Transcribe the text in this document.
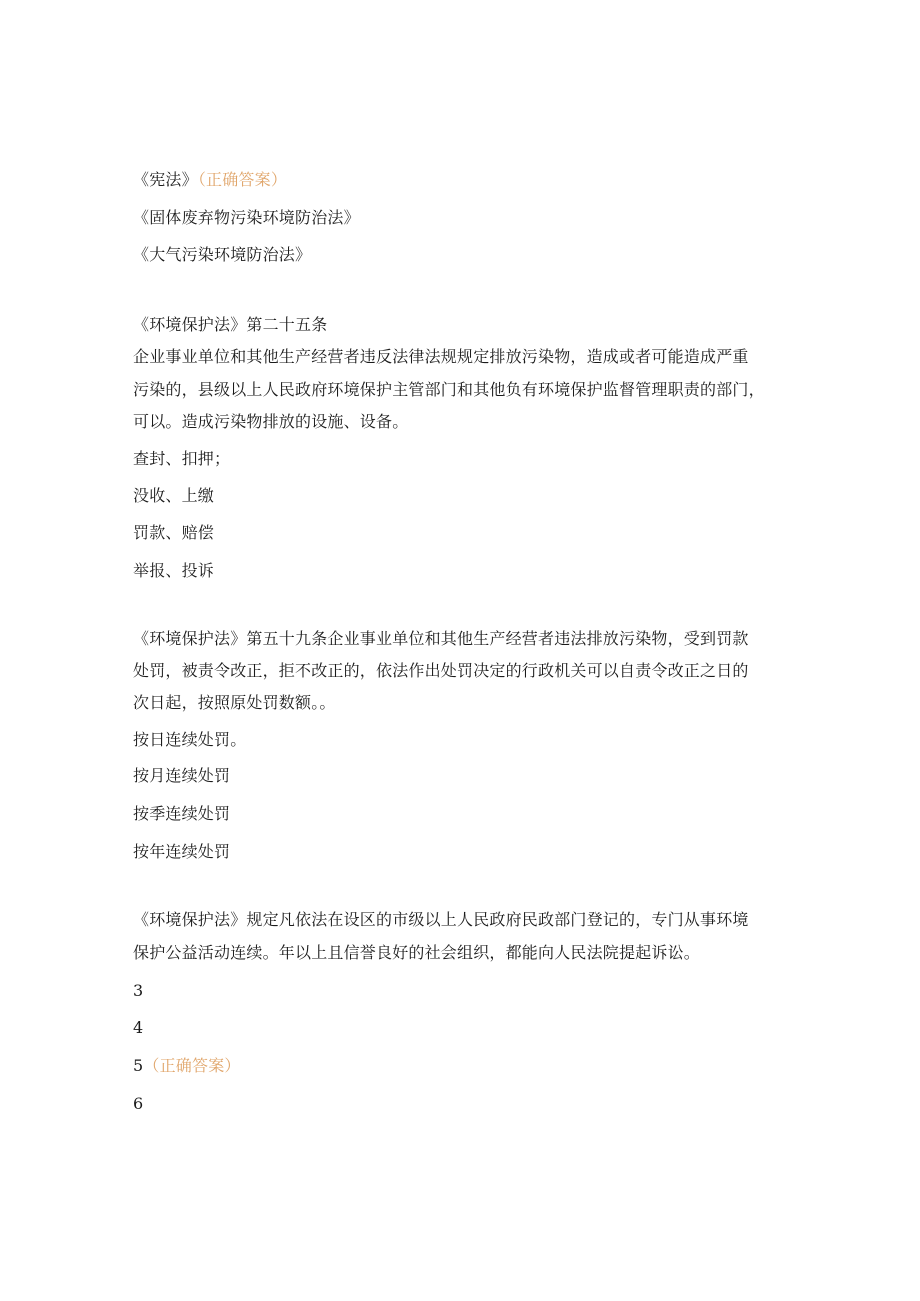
《宪法》（正确答案）
《固体废弃物污染环境防治法》
《大气污染环境防治法》
《环境保护法》第二十五条
企业事业单位和其他生产经营者违反法律法规规定排放污染物，造成或者可能造成严重
污染的，县级以上人民政府环境保护主管部门和其他负有环境保护监督管理职责的部门，
可以。造成污染物排放的设施、设备。
查封、扣押；
没收、上缴
罚款、赔偿
举报、投诉
《环境保护法》第五十九条企业事业单位和其他生产经营者违法排放污染物，受到罚款
处罚，被责令改正，拒不改正的，依法作出处罚决定的行政机关可以自责令改正之日的
次日起，按照原处罚数额。。
按日连续处罚。
按月连续处罚
按季连续处罚
按年连续处罚
《环境保护法》规定凡依法在设区的市级以上人民政府民政部门登记的，专门从事环境
保护公益活动连续。年以上且信誉良好的社会组织，都能向人民法院提起诉讼。
3
4
5（正确答案）
6
